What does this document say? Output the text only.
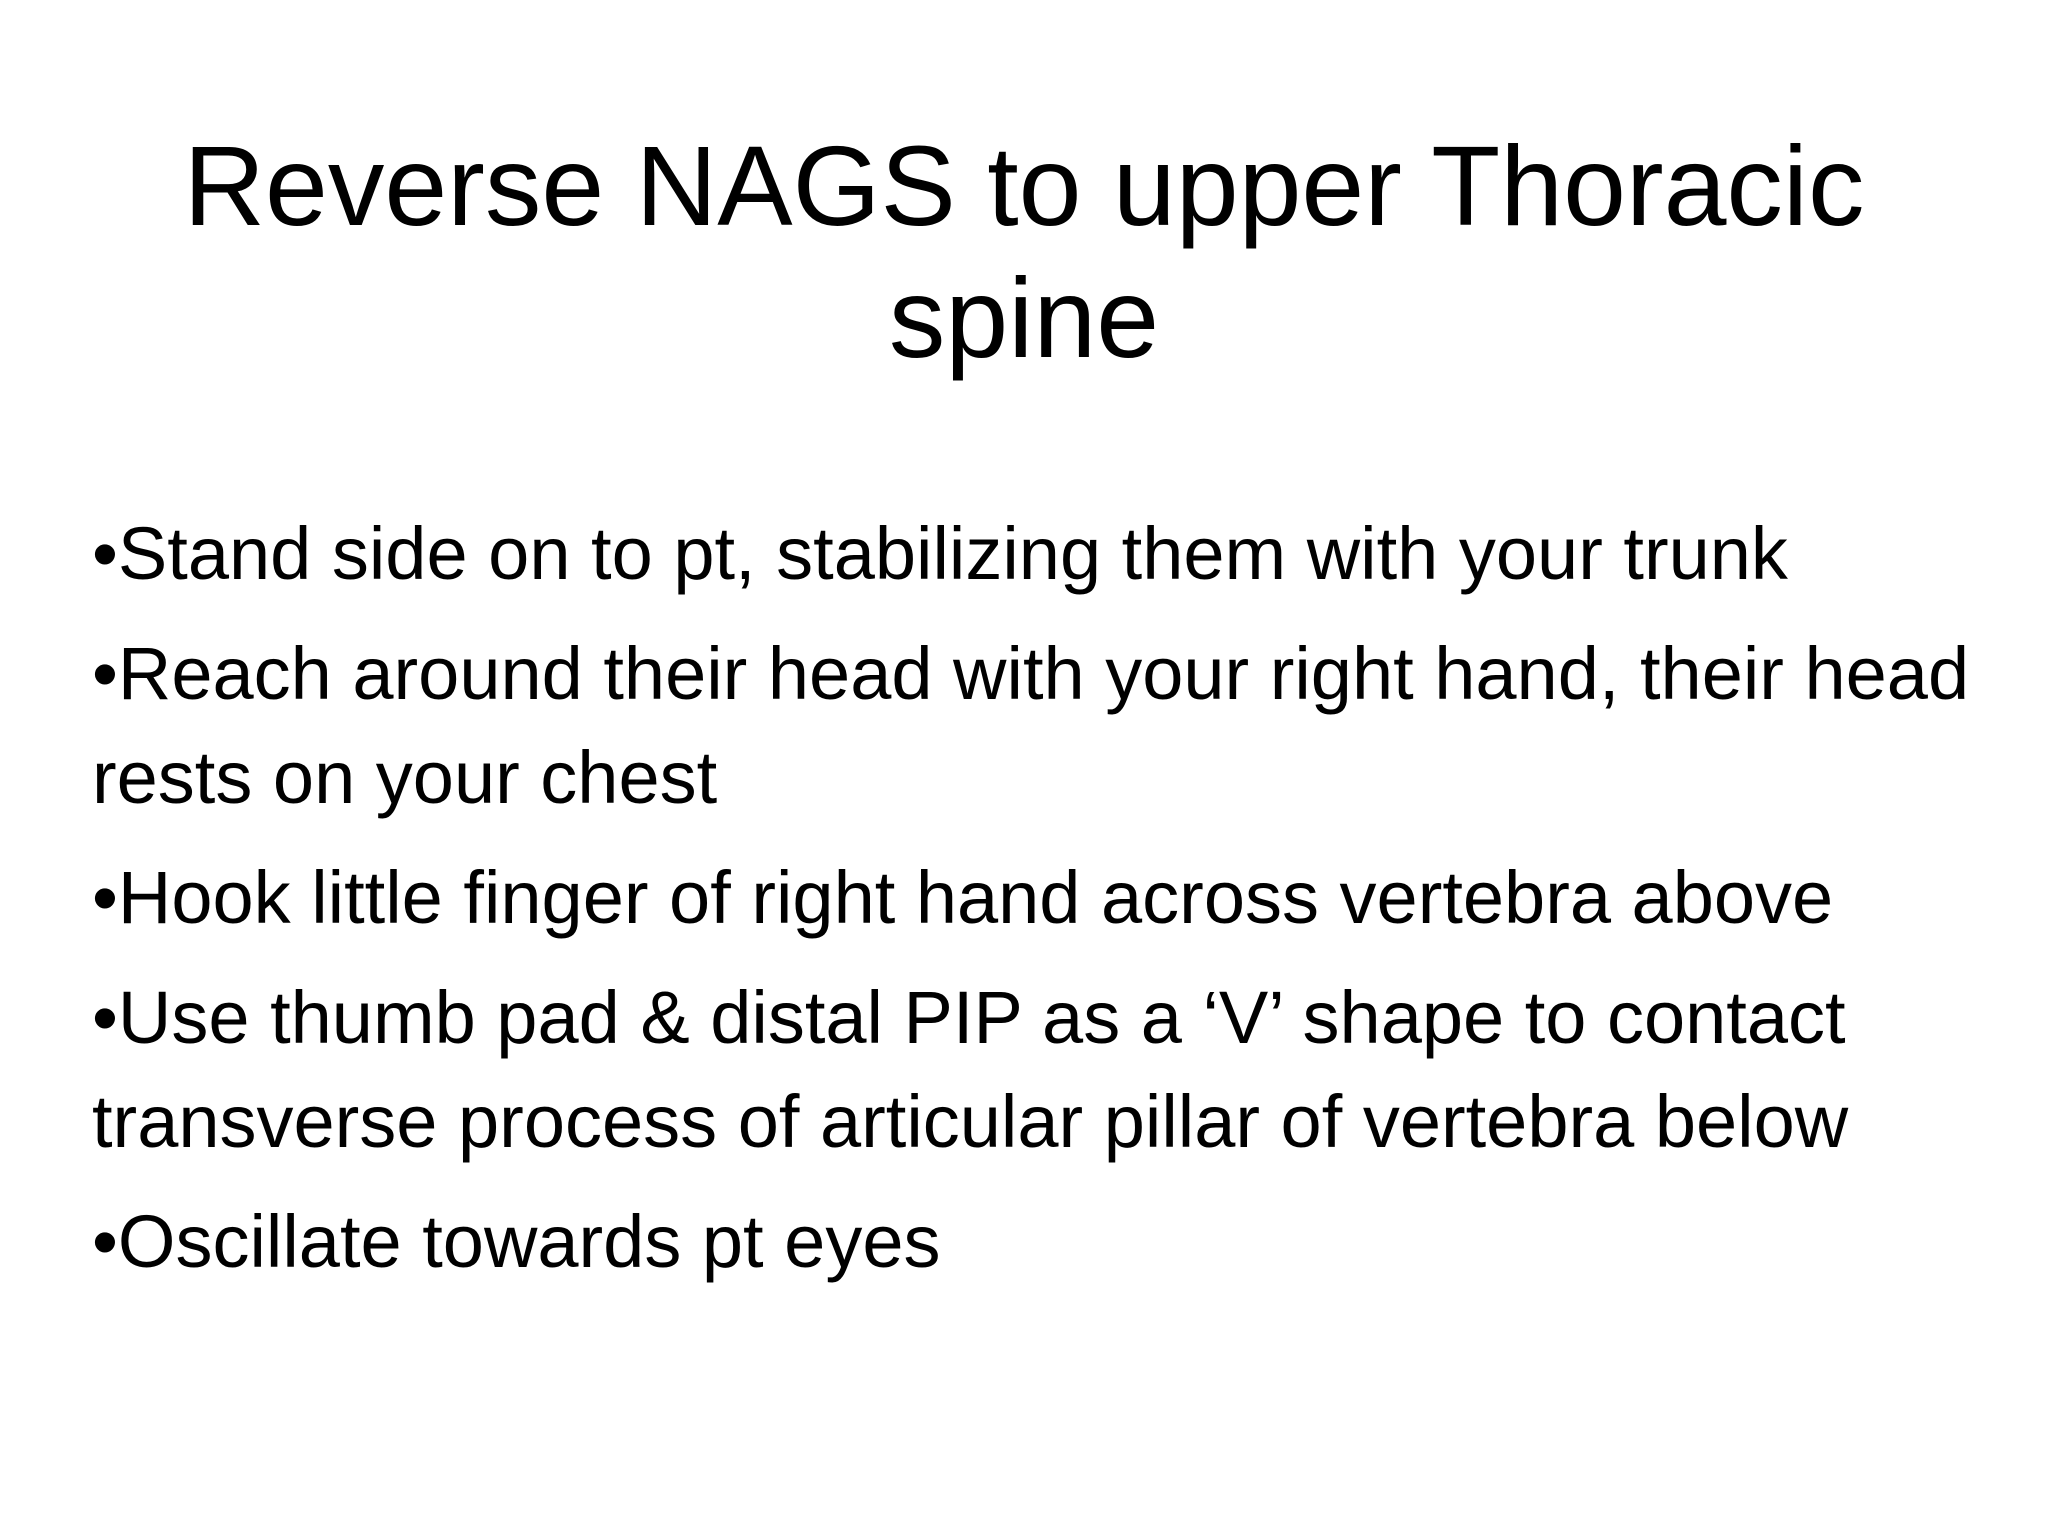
Reverse NAGS to upper Thoracic spine
•Stand side on to pt, stabilizing them with your trunk
•Reach around their head with your right hand, their head rests on your chest
•Hook little finger of right hand across vertebra above
•Use thumb pad & distal PIP as a ‘V’ shape to contact transverse process of articular pillar of vertebra below
•Oscillate towards pt eyes
